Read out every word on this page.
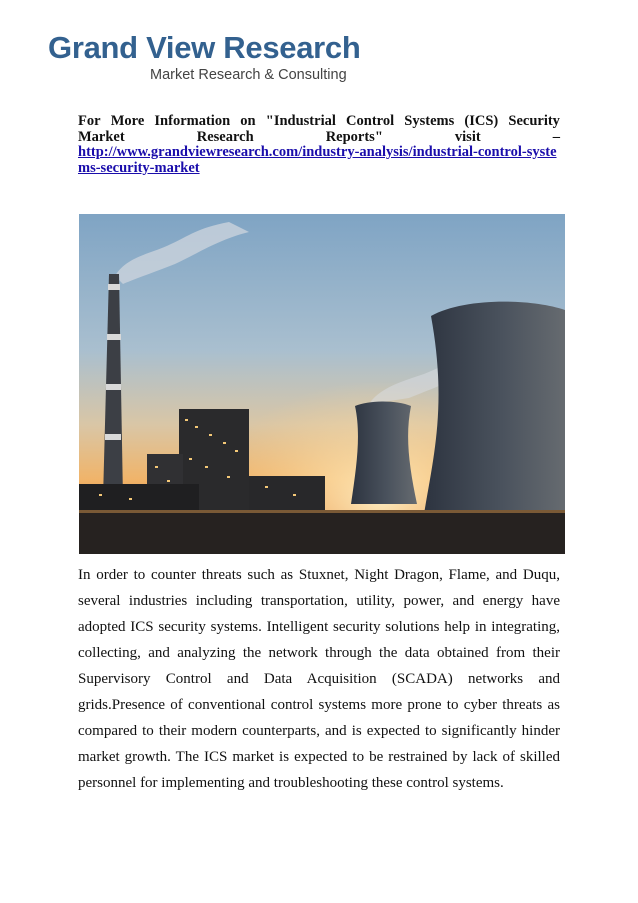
Grand View Research

Market Research & Consulting

For More Information on "Industrial Control Systems (ICS) Security
Market	Research	Reports"	visit	–
http://www.grandviewresearch.com/industry-analysis/industrial-control-systems-security-market

In order to counter threats such as Stuxnet, Night Dragon, Flame, and Duqu, several industries including transportation, utility, power, and energy have adopted ICS security systems. Intelligent security solutions help in integrating, collecting, and analyzing the network through the data obtained from their Supervisory Control and Data Acquisition (SCADA) networks and grids.Presence of conventional control systems more prone to cyber threats as compared to their modern counterparts, and is expected to significantly hinder market growth. The ICS market is expected to be restrained by lack of skilled personnel for implementing and troubleshooting these control systems.
